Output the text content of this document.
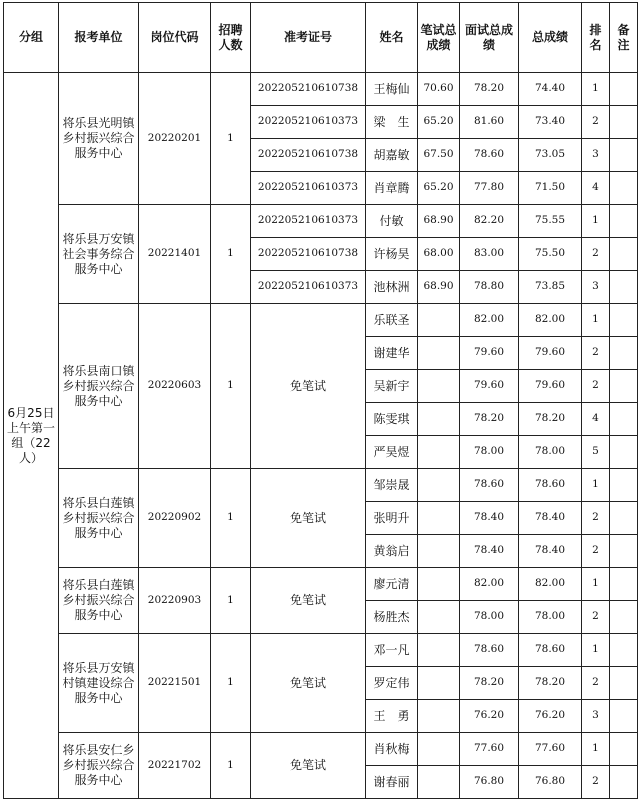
分组	报考单位	岗位代码	招聘人数	准考证号	姓名	笔试总成绩	面试总成绩	总成绩	排名	备注
6月25日上午第一组（22人）	将乐县光明镇乡村振兴综合服务中心	20220201	1	202205210610738	王梅仙	70.60	78.20	74.40	1	
				202205210610373	梁　生	65.20	81.60	73.40	2	
				202205210610738	胡嘉敏	67.50	78.60	73.05	3	
				202205210610373	肖章腾	65.20	77.80	71.50	4	
	将乐县万安镇社会事务综合服务中心	20221401	1	202205210610373	付敏	68.90	82.20	75.55	1	
				202205210610738	许杨昊	68.00	83.00	75.50	2	
				202205210610373	池林洲	68.90	78.80	73.85	3	
	将乐县南口镇乡村振兴综合服务中心	20220603	1	免笔试	乐联圣		82.00	82.00	1	
					谢建华		79.60	79.60	2	
					吴新宇		79.60	79.60	2	
					陈雯琪		78.20	78.20	4	
					严昊煜		78.00	78.00	5	
	将乐县白莲镇乡村振兴综合服务中心	20220902	1	免笔试	邹崇晟		78.60	78.60	1	
					张明升		78.40	78.40	2	
					黄翁启		78.40	78.40	2	
	将乐县白莲镇乡村振兴综合服务中心	20220903	1	免笔试	廖元清		82.00	82.00	1	
					杨胜杰		78.00	78.00	2	
	将乐县万安镇村镇建设综合服务中心	20221501	1	免笔试	邓一凡		78.60	78.60	1	
					罗定伟		78.20	78.20	2	
					王　勇		76.20	76.20	3	
	将乐县安仁乡乡村振兴综合服务中心	20221702	1	免笔试	肖秋梅		77.60	77.60	1	
					谢春丽		76.80	76.80	2	
